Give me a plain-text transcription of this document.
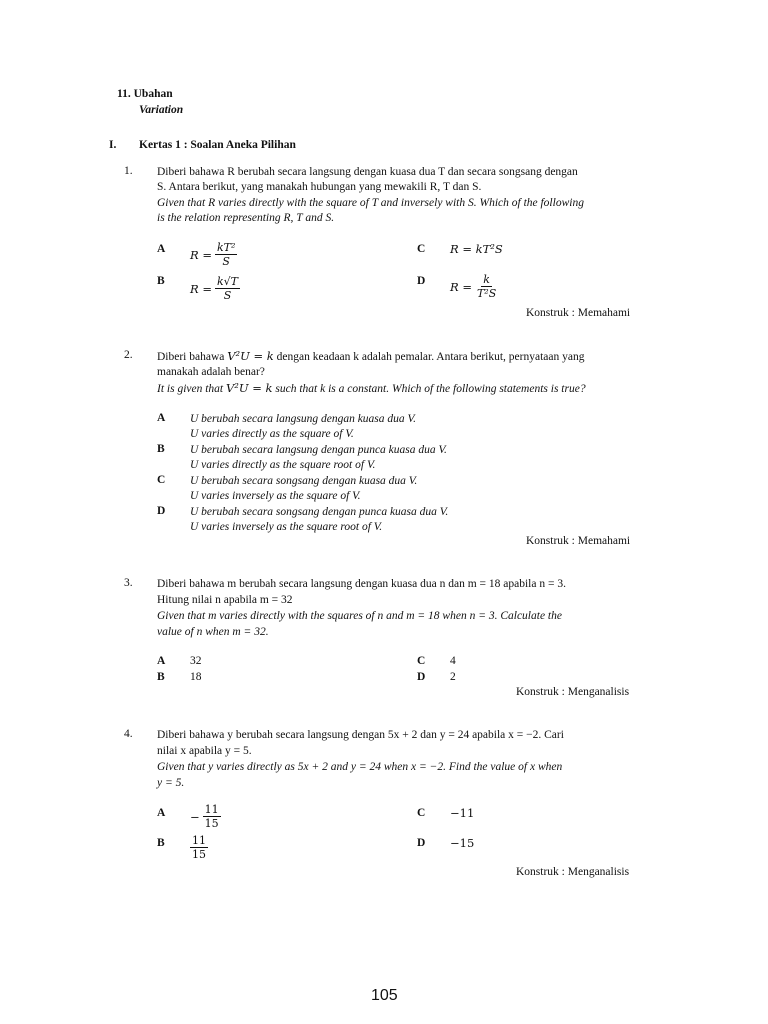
11. Ubahan
Variation
I. Kertas 1 : Soalan Aneka Pilihan
1. Diberi bahawa R berubah secara langsung dengan kuasa dua T dan secara songsang dengan
S. Antara berikut, yang manakah hubungan yang mewakili R, T dan S.
Given that R varies directly with the square of T and inversely with S. Which of the following
is the relation representing R, T and S.
A $R = \frac{\text{kT²}}{S}$
B
$R = \frac{k√T}{S}$
C R = kT²S
D $R = \frac{k}{\text{T²S}}$
Konstruk : Memahami
2. Diberi bahawa V²U = k dengan keadaan k adalah pemalar. Antara berikut, pernyataan yang
manakah adalah benar?
It is given that V²U = k such that k is a constant. Which of the following statements is true?
A U berubah secara langsung dengan kuasa dua V.
U varies directly as the square of V.
B U berubah secara langsung dengan punca kuasa dua V.
U varies directly as the square root of V.
C U berubah secara songsang dengan kuasa dua V.
U varies inversely as the square of V.
D U berubah secara songsang dengan punca kuasa dua V.
U varies inversely as the square root of V.
Konstruk : Memahami
3. Diberi bahawa m berubah secara langsung dengan kuasa dua n dan m = 18 apabila n = 3.
Hitung nilai n apabila m = 32
Given that m varies directly with the squares of n and m = 18 when n = 3. Calculate the
value of n when m = 32.
A 32
B 18
C 4
D 2
Konstruk : Menganalisis
4. Diberi bahawa y berubah secara langsung dengan 5x + 2 dan y = 24 apabila x = −2. Cari
nilai x apabila y = 5.
Given that y varies directly as 5x + 2 and y = 24 when x = −2. Find the value of x when
y = 5.
$A - \frac{11}{15}$
B $\frac{11}{15}$
C −11
D −15
Konstruk : Menganalisis
105
